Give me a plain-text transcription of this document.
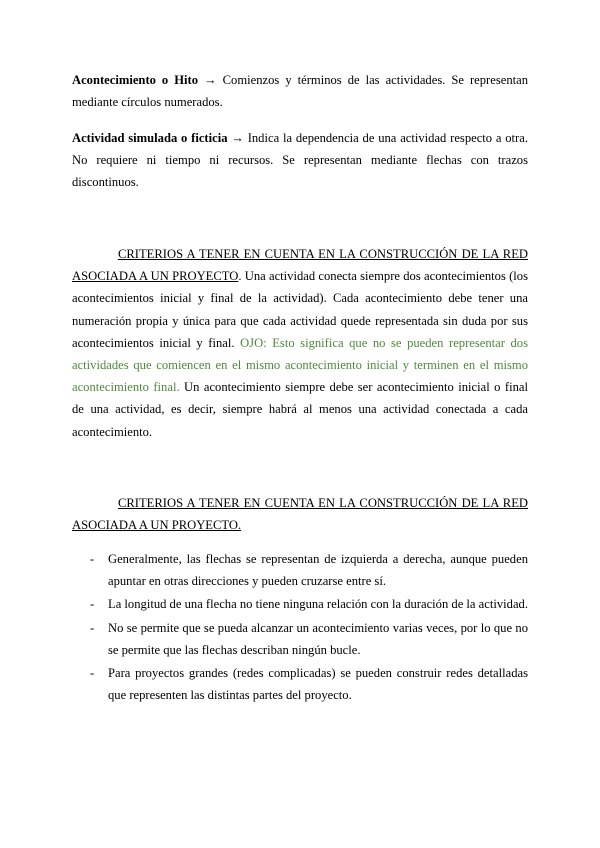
Acontecimiento o Hito → Comienzos y términos de las actividades. Se representan mediante círculos numerados.

Actividad simulada o ficticia → Indica la dependencia de una actividad respecto a otra. No requiere ni tiempo ni recursos. Se representan mediante flechas con trazos discontinuos.

CRITERIOS A TENER EN CUENTA EN LA CONSTRUCCIÓN DE LA RED ASOCIADA A UN PROYECTO. Una actividad conecta siempre dos acontecimientos (los acontecimientos inicial y final de la actividad). Cada acontecimiento debe tener una numeración propia y única para que cada actividad quede representada sin duda por sus acontecimientos inicial y final. OJO: Esto significa que no se pueden representar dos actividades que comiencen en el mismo acontecimiento inicial y terminen en el mismo acontecimiento final. Un acontecimiento siempre debe ser acontecimiento inicial o final de una actividad, es decir, siempre habrá al menos una actividad conectada a cada acontecimiento.

CRITERIOS A TENER EN CUENTA EN LA CONSTRUCCIÓN DE LA RED ASOCIADA A UN PROYECTO.

- Generalmente, las flechas se representan de izquierda a derecha, aunque pueden apuntar en otras direcciones y pueden cruzarse entre sí.
- La longitud de una flecha no tiene ninguna relación con la duración de la actividad.
- No se permite que se pueda alcanzar un acontecimiento varias veces, por lo que no se permite que las flechas describan ningún bucle.
- Para proyectos grandes (redes complicadas) se pueden construir redes detalladas que representen las distintas partes del proyecto.
